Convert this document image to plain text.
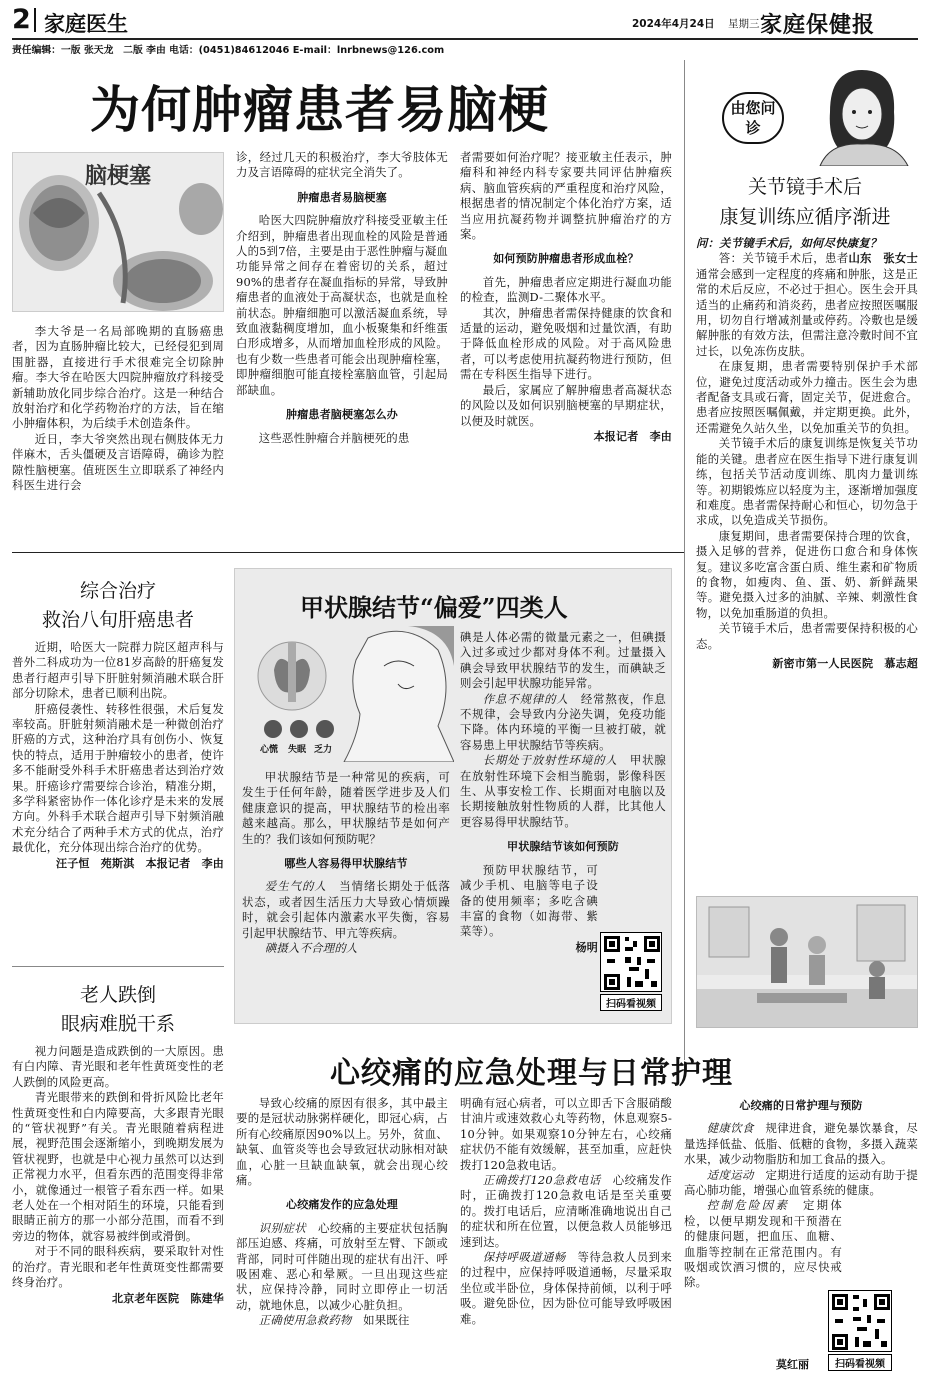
2 家庭医生	2024年4月24日 星期三 家庭保健报
责任编辑：一版 张天龙　二版 李由 电话：(0451)84612046 E-mail：lnrbnews@126.com
为何肿瘤患者易脑梗
脑梗塞

李大爷是一名局部晚期的直肠癌患者，因为直肠肿瘤比较大，已经侵犯到周围脏器，直接进行手术很难完全切除肿瘤。李大爷在哈医大四院肿瘤放疗科接受新辅助放化同步综合治疗。这是一种结合放射治疗和化学药物治疗的方法，旨在缩小肿瘤体积，为后续手术创造条件。

近日，李大爷突然出现右侧肢体无力伴麻木，舌头僵硬及言语障碍，确诊为腔隙性脑梗塞。值班医生立即联系了神经内科医生进行会

诊，经过几天的积极治疗，李大爷肢体无力及言语障碍的症状完全消失了。
肿瘤患者易脑梗塞

哈医大四院肿瘤放疗科接受亚敏主任介绍到，肿瘤患者出现血栓的风险是普通人的5到7倍，主要是由于恶性肿瘤与凝血功能异常之间存在着密切的关系，超过90%的患者存在凝血指标的异常，导致肿瘤患者的血液处于高凝状态，也就是血栓前状态。肿瘤细胞可以激活凝血系统，导致血液黏稠度增加，血小板聚集和纤维蛋白形成增多，从而增加血栓形成的风险。也有少数一些患者可能会出现肿瘤栓塞，即肿瘤细胞可能直接栓塞脑血管，引起局部缺血。

肿瘤患者脑梗塞怎么办

这些恶性肿瘤合并脑梗死的患

者需要如何治疗呢？接亚敏主任表示，肿瘤科和神经内科专家要共同评估肿瘤疾病、脑血管疾病的严重程度和治疗风险，根据患者的情况制定个体化治疗方案，适当应用抗凝药物并调整抗肿瘤治疗的方案。
如何预防肿瘤患者形成血栓？

首先，肿瘤患者应定期进行凝血功能的检查，监测D-二聚体水平。

其次，肿瘤患者需保持健康的饮食和适量的运动，避免吸烟和过量饮酒，有助于降低血栓形成的风险。对于高风险患者，可以考虑使用抗凝药物进行预防，但需在专科医生指导下进行。

最后，家属应了解肿瘤患者高凝状态的风险以及如何识别脑梗塞的早期症状，以便及时就医。

本报记者　李由
由您问诊
关节镜手术后
康复训练应循序渐进
问：关节镜手术后，如何尽快康复？
山东　张女士

答：关节镜手术后，患者通常会感到一定程度的疼痛和肿胀，这是正常的术后反应，不必过于担心。医生会开具适当的止痛药和消炎药，患者应按照医嘱服用，切勿自行增减剂量或停药。冷敷也是缓解肿胀的有效方法，但需注意冷敷时间不宜过长，以免冻伤皮肤。

在康复期，患者需要特别保护手术部位，避免过度活动或外力撞击。医生会为患者配备支具或石膏，固定关节，促进愈合。患者应按照医嘱佩戴，并定期更换。此外，还需避免久站久坐，以免加重关节的负担。

关节镜手术后的康复训练是恢复关节功能的关键。患者应在医生指导下进行康复训练，包括关节活动度训练、肌肉力量训练等。初期锻炼应以轻度为主，逐渐增加强度和难度。患者需保持耐心和恒心，切勿急于求成，以免造成关节损伤。

康复期间，患者需要保持合理的饮食，摄入足够的营养，促进伤口愈合和身体恢复。建议多吃富含蛋白质、维生素和矿物质的食物，如瘦肉、鱼、蛋、奶、新鲜蔬果等。避免摄入过多的油腻、辛辣、刺激性食物，以免加重肠道的负担。

关节镜手术后，患者需要保持积极的心态。

新密市第一人民医院　慕志超
综合治疗
救治八旬肝癌患者

近期，哈医大一院群力院区超声科与普外二科成功为一位81岁高龄的肝癌复发患者行超声引导下肝脏射频消融术联合肝部分切除术，患者已顺利出院。

肝癌侵袭性、转移性很强，术后复发率较高。肝脏射频消融术是一种微创治疗肝癌的方式，这种治疗具有创伤小、恢复快的特点，适用于肿瘤较小的患者，使许多不能耐受外科手术肝癌患者达到治疗效果。肝癌诊疗需要综合诊治，精准分期，多学科紧密协作一体化诊疗是未来的发展方向。外科手术联合超声引导下射频消融术充分结合了两种手术方式的优点，治疗最优化，充分体现出综合治疗的优势。

汪子恒　苑斯淇　本报记者　李由
老人跌倒
眼病难脱干系

视力问题是造成跌倒的一大原因。患有白内障、青光眼和老年性黄斑变性的老人跌倒的风险更高。

青光眼带来的跌倒和骨折风险比老年性黄斑变性和白内障要高，大多跟青光眼的“管状视野”有关。青光眼随着病程进展，视野范围会逐渐缩小，到晚期发展为管状视野，也就是中心视力虽然可以达到正常视力水平，但看东西的范围变得非常小，就像通过一根管子看东西一样。如果老人处在一个相对陌生的环境，只能看到眼睛正前方的那一小部分范围，而看不到旁边的物体，就容易被绊倒或滑倒。

对于不同的眼科疾病，要采取针对性的治疗。青光眼和老年性黄斑变性都需要终身治疗。

北京老年医院　陈建华
甲状腺结节“偏爱”四类人
心慌 失眠 乏力

甲状腺结节是一种常见的疾病，可发生于任何年龄，随着医学进步及人们健康意识的提高，甲状腺结节的检出率越来越高。那么，甲状腺结节是如何产生的？我们该如何预防呢？

哪些人容易得甲状腺结节

爱生气的人　 当情绪长期处于低落状态，或者因生活压力大导致心情烦躁时，就会引起体内激素水平失衡，容易引起甲状腺结节、甲亢等疾病。

碘摄入不合理的人

碘是人体必需的微量元素之一，但碘摄入过多或过少都对身体不利。过量摄入碘会导致甲状腺结节的发生，而碘缺乏则会引起甲状腺功能异常。

作息不规律的人　 经常熬夜，作息不规律，会导致内分泌失调，免疫功能下降。体内环境的平衡一旦被打破，就容易患上甲状腺结节等疾病。

长期处于放射性环境的人　 甲状腺在放射性环境下会相当脆弱，影像科医生、从事安检工作、长期面对电脑以及长期接触放射性物质的人群，比其他人更容易得甲状腺结节。

甲状腺结节该如何预防

预防甲状腺结节，可减少手机、电脑等电子设备的使用频率；多吃含碘丰富的食物（如海带、紫菜等）。

杨明
扫码看视频
心绞痛的应急处理与日常护理

导致心绞痛的原因有很多，其中最主要的是冠状动脉粥样硬化，即冠心病，占所有心绞痛原因90%以上。另外，贫血、缺氧、血管炎等也会导致冠状动脉相对缺血，心脏一旦缺血缺氧，就会出现心绞痛。

心绞痛发作的应急处理

识别症状　 心绞痛的主要症状包括胸部压迫感、疼痛，可放射至左臂、下颌或背部，同时可伴随出现的症状有出汗、呼吸困难、恶心和晕厥。一旦出现这些症状，应保持冷静，同时立即停止一切活动，就地休息，以减少心脏负担。

正确使用急救药物　 如果既往

明确有冠心病者，可以立即舌下含服硝酸甘油片或速效救心丸等药物，休息观察5-10分钟。如果观察10分钟左右，心绞痛症状仍不能有效缓解，甚至加重，应赶快拨打120急救电话。

正确拨打120急救电话　 心绞痛发作时，正确拨打120急救电话是至关重要的。拨打电话后，应清晰准确地说出自己的症状和所在位置，以便急救人员能够迅速到达。

保持呼吸道通畅　 等待急救人员到来的过程中，应保持呼吸道通畅，尽量采取坐位或半卧位，身体保持前倾，以利于呼吸。避免卧位，因为卧位可能导致呼吸困难。

心绞痛的日常护理与预防

健康饮食　 规律进食，避免暴饮暴食，尽量选择低盐、低脂、低糖的食物，多摄入蔬菜水果，减少动物脂肪和加工食品的摄入。

适度运动　 定期进行适度的运动有助于提高心肺功能，增强心血管系统的健康。

控制危险因素　 定期体检，以便早期发现和干预潜在的健康问题，把血压、血糖、血脂等控制在正常范围内。有吸烟或饮酒习惯的，应尽快戒除。

莫红丽	扫码看视频
